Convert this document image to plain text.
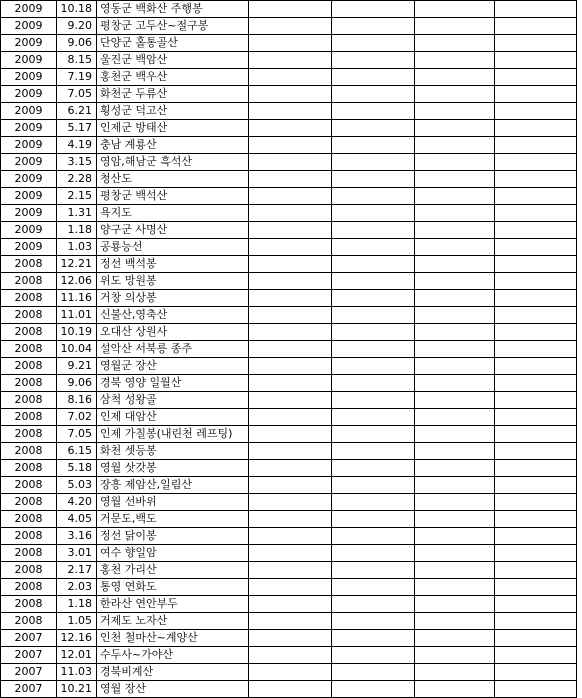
2009	10.18	영동군 백화산 주행봉				
2009	9.20	평창군 고두산~절구봉				
2009	9.06	단양군 홀통골산				
2009	8.15	울진군 백암산				
2009	7.19	홍천군 백우산				
2009	7.05	화천군 두류산				
2009	6.21	횡성군 덕고산				
2009	5.17	인제군 방태산				
2009	4.19	충남 계룡산				
2009	3.15	영암,해남군 흑석산				
2009	2.28	청산도				
2009	2.15	평창군 백석산				
2009	1.31	욕지도				
2009	1.18	양구군 사명산				
2009	1.03	공룡능선				
2008	12.21	정선 백석봉				
2008	12.06	위도 망원봉				
2008	11.16	거창 의상봉				
2008	11.01	신불산,영축산				
2008	10.19	오대산 상원사				
2008	10.04	설악산 서북릉 종주				
2008	9.21	영월군 장산				
2008	9.06	경북 영양 일월산				
2008	8.16	삼척 성왕골				
2008	7.02	인제 대암산				
2008	7.05	인제 가칠봉(내린천 레프팅)				
2008	6.15	화천 셋등봉				
2008	5.18	영월 삿갓봉				
2008	5.03	장흥 제암산,일림산				
2008	4.20	영월 선바위				
2008	4.05	거문도,백도				
2008	3.16	정선 닭이봉				
2008	3.01	여수 향일암				
2008	2.17	홍천 가리산				
2008	2.03	통영 연화도				
2008	1.18	한라산 연안부두				
2008	1.05	거제도 노자산				
2007	12.16	인천 철마산~계양산				
2007	12.01	수두사~가야산				
2007	11.03	경북비계산				
2007	10.21	영월 장산				
